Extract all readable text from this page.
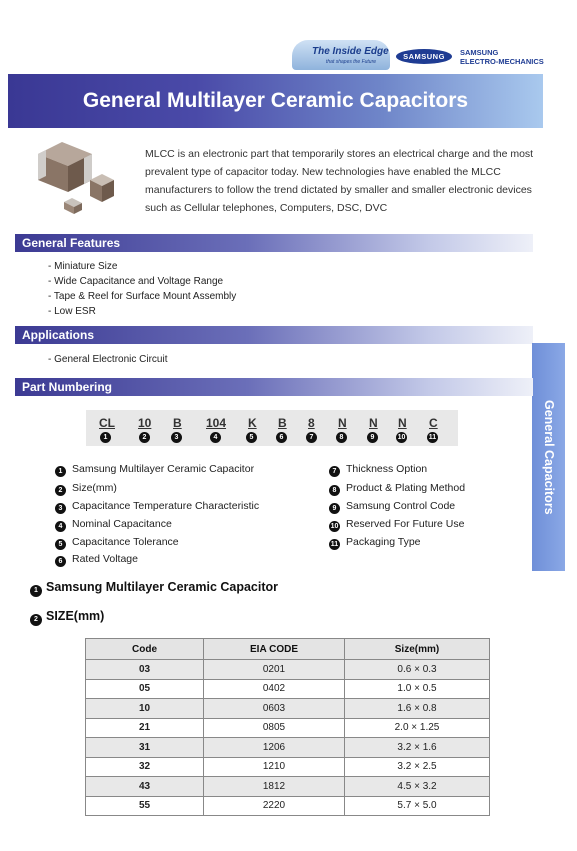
The Inside Edge
that shapes the Future
SAMSUNG	SAMSUNG
ELECTRO-MECHANICS
General Multilayer Ceramic Capacitors
MLCC is an electronic part that temporarily stores an electrical charge and the most prevalent type of capacitor today. New technologies have enabled the MLCC manufacturers to follow the trend dictated by smaller and smaller electronic devices such as Cellular telephones, Computers, DSC, DVC
General Features
- Miniature Size
- Wide Capacitance and Voltage Range
- Tape & Reel for Surface Mount Assembly
- Low ESR
Applications
- General Electronic Circuit
General Capacitors
Part Numbering
CL 10 B 104 K B 8 N N N C
1	2	3	4	5	6	7	8	9	10	11
1 Samsung Multilayer Ceramic Capacitor
2 Size(mm)
3 Capacitance Temperature Characteristic
4 Nominal Capacitance
5 Capacitance Tolerance
6 Rated Voltage
7 Thickness Option
8 Product & Plating Method
9 Samsung Control Code
10 Reserved For Future Use
11 Packaging Type
1 Samsung Multilayer Ceramic Capacitor
2 SIZE(mm)
Code	EIA CODE	Size(mm)
03	0201	0.6 × 0.3
05	0402	1.0 × 0.5
10	0603	1.6 × 0.8
21	0805	2.0 × 1.25
31	1206	3.2 × 1.6
32	1210	3.2 × 2.5
43	1812	4.5 × 3.2
55	2220	5.7 × 5.0
